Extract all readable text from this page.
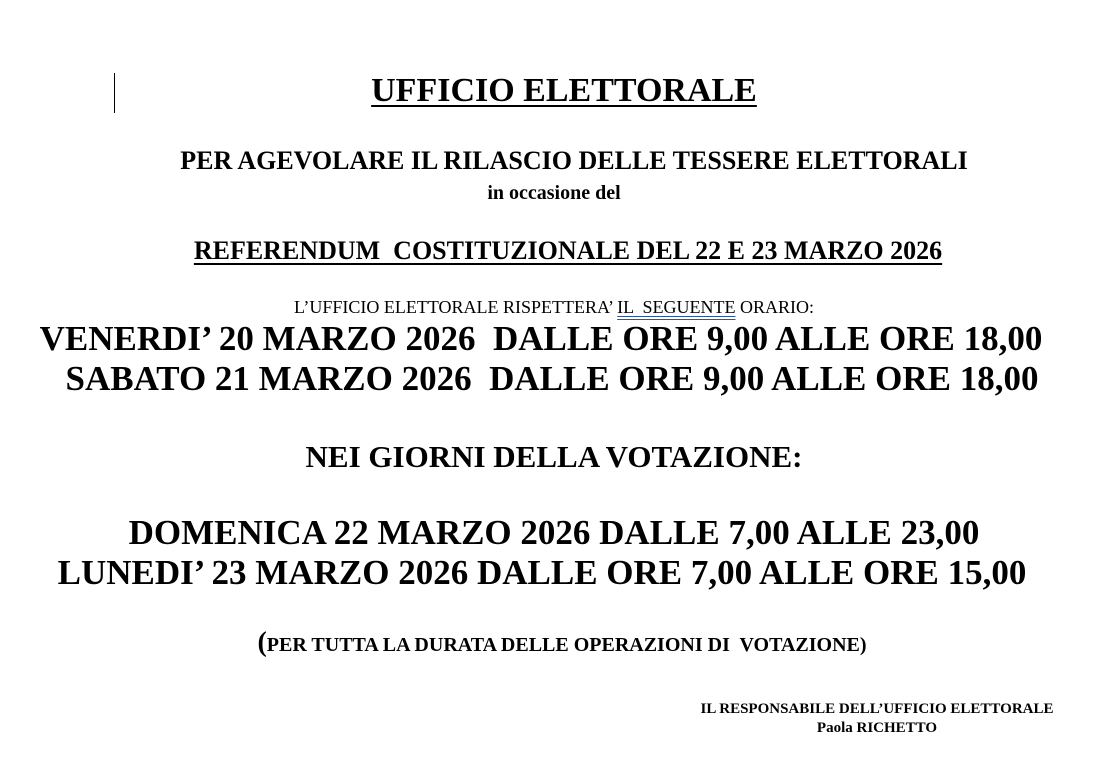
UFFICIO ELETTORALE
PER AGEVOLARE IL RILASCIO DELLE TESSERE ELETTORALI
in occasione del
REFERENDUM  COSTITUZIONALE DEL 22 E 23 MARZO 2026
L’UFFICIO ELETTORALE RISPETTERA’ IL  SEGUENTE ORARIO:
VENERDI’ 20 MARZO 2026  DALLE ORE 9,00 ALLE ORE 18,00
SABATO 21 MARZO 2026  DALLE ORE 9,00 ALLE ORE 18,00
NEI GIORNI DELLA VOTAZIONE:
DOMENICA 22 MARZO 2026 DALLE 7,00 ALLE 23,00
LUNEDI’ 23 MARZO 2026 DALLE ORE 7,00 ALLE ORE 15,00
(PER TUTTA LA DURATA DELLE OPERAZIONI DI  VOTAZIONE)
IL RESPONSABILE DELL’UFFICIO ELETTORALE
Paola RICHETTO
